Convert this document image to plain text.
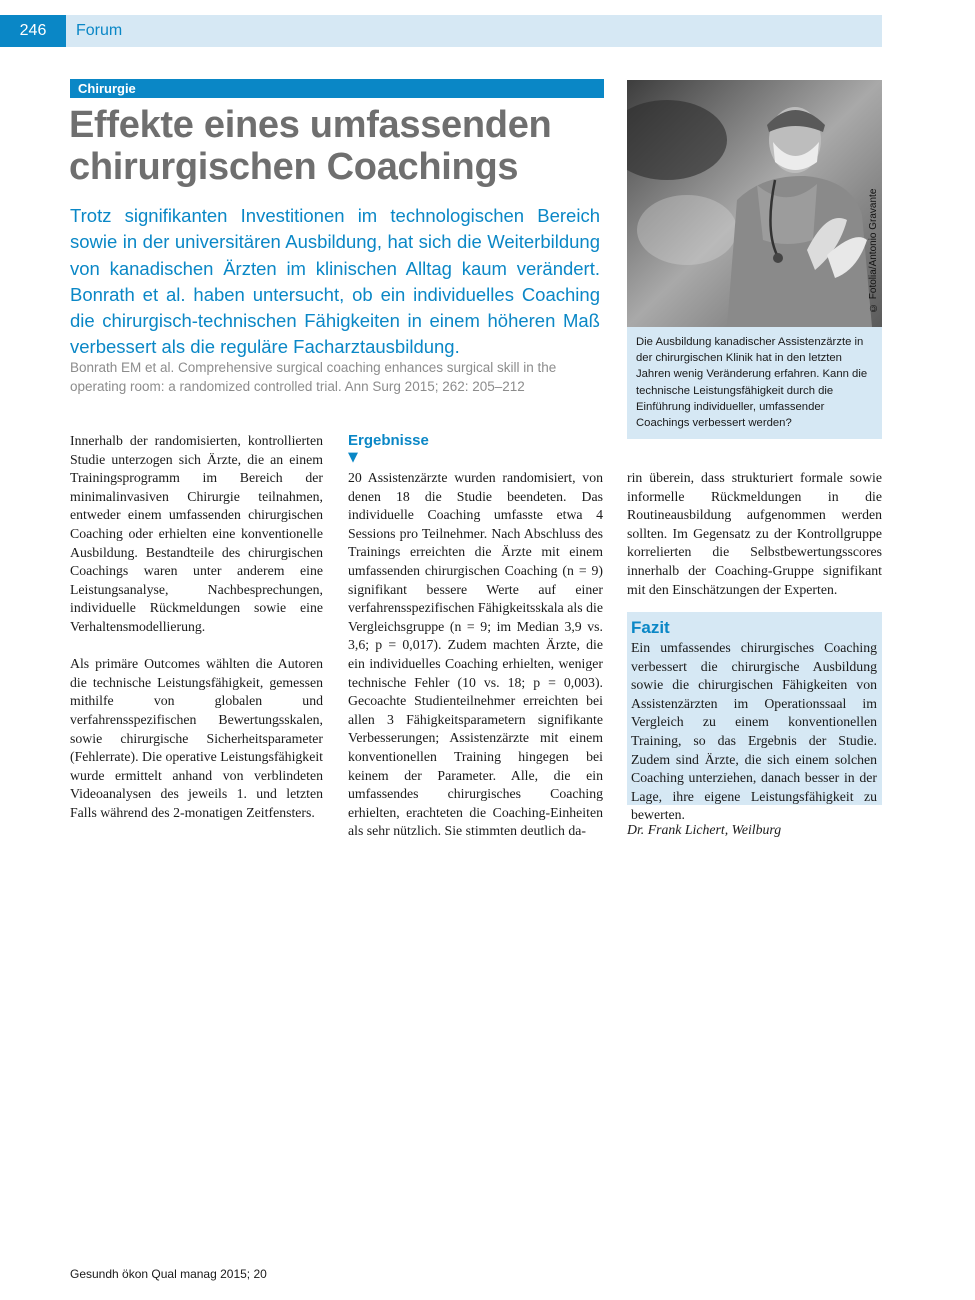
246	Forum
Chirurgie
Effekte eines umfassenden chirurgischen Coachings

Trotz signifikanten Investitionen im technologischen Bereich sowie in der universitären Ausbildung, hat sich die Weiterbildung von kanadischen Ärzten im klinischen Alltag kaum verändert. Bonrath et al. haben untersucht, ob ein individuelles Coaching die chirurgisch-technischen Fähigkeiten in einem höheren Maß verbessert als die reguläre Facharztausbildung.

Bonrath EM et al. Comprehensive surgical coaching enhances surgical skill in the operating room: a randomized controlled trial. Ann Surg 2015; 262: 205–212

© Fotolia/Antonio Gravante
Die Ausbildung kanadischer Assistenzärzte in der chirurgischen Klinik hat in den letzten Jahren wenig Veränderung erfahren. Kann die technische Leistungsfähigkeit durch die Einführung individueller, umfassender Coachings verbessert werden?

Innerhalb der randomisierten, kontrollierten Studie unterzogen sich Ärzte, die an einem Trainingsprogramm im Bereich der minimalinvasiven Chirurgie teilnahmen, entweder einem umfassenden chirurgischen Coaching oder erhielten eine konventionelle Ausbildung. Bestandteile des chirurgischen Coachings waren unter anderem eine Leistungsanalyse, Nachbesprechungen, individuelle Rückmeldungen sowie eine Verhaltensmodellierung.

Als primäre Outcomes wählten die Autoren die technische Leistungsfähigkeit, gemessen mithilfe von globalen und verfahrensspezifischen Bewertungsskalen, sowie chirurgische Sicherheitsparameter (Fehlerrate). Die operative Leistungsfähigkeit wurde ermittelt anhand von verblindeten Videoanalysen des jeweils 1. und letzten Falls während des 2-monatigen Zeitfensters.

Ergebnisse
▼

20 Assistenzärzte wurden randomisiert, von denen 18 die Studie beendeten. Das individuelle Coaching umfasste etwa 4 Sessions pro Teilnehmer. Nach Abschluss des Trainings erreichten die Ärzte mit einem umfassenden chirurgischen Coaching (n = 9) signifikant bessere Werte auf einer verfahrensspezifischen Fähigkeitsskala als die Vergleichsgruppe (n = 9; im Median 3,9 vs. 3,6; p = 0,017). Zudem machten Ärzte, die ein individuelles Coaching erhielten, weniger technische Fehler (10 vs. 18; p = 0,003). Gecoachte Studienteilnehmer erreichten bei allen 3 Fähigkeitsparametern signifikante Verbesserungen; Assistenzärzte mit einem konventionellen Training hingegen bei keinem der Parameter. Alle, die ein umfassendes chirurgisches Coaching erhielten, erachteten die Coaching-Einheiten als sehr nützlich. Sie stimmten deutlich da-

rin überein, dass strukturiert formale sowie informelle Rückmeldungen in die Routineausbildung aufgenommen werden sollten. Im Gegensatz zu der Kontrollgruppe korrelierten die Selbstbewertungsscores innerhalb der Coaching-Gruppe signifikant mit den Einschätzungen der Experten.

Fazit
Ein umfassendes chirurgisches Coaching verbessert die chirurgische Ausbildung sowie die chirurgischen Fähigkeiten von Assistenzärzten im Operationssaal im Vergleich zu einem konventionellen Training, so das Ergebnis der Studie. Zudem sind Ärzte, die sich einem solchen Coaching unterziehen, danach besser in der Lage, ihre eigene Leistungsfähigkeit zu bewerten.
Dr. Frank Lichert, Weilburg
Gesundh ökon Qual manag 2015; 20
